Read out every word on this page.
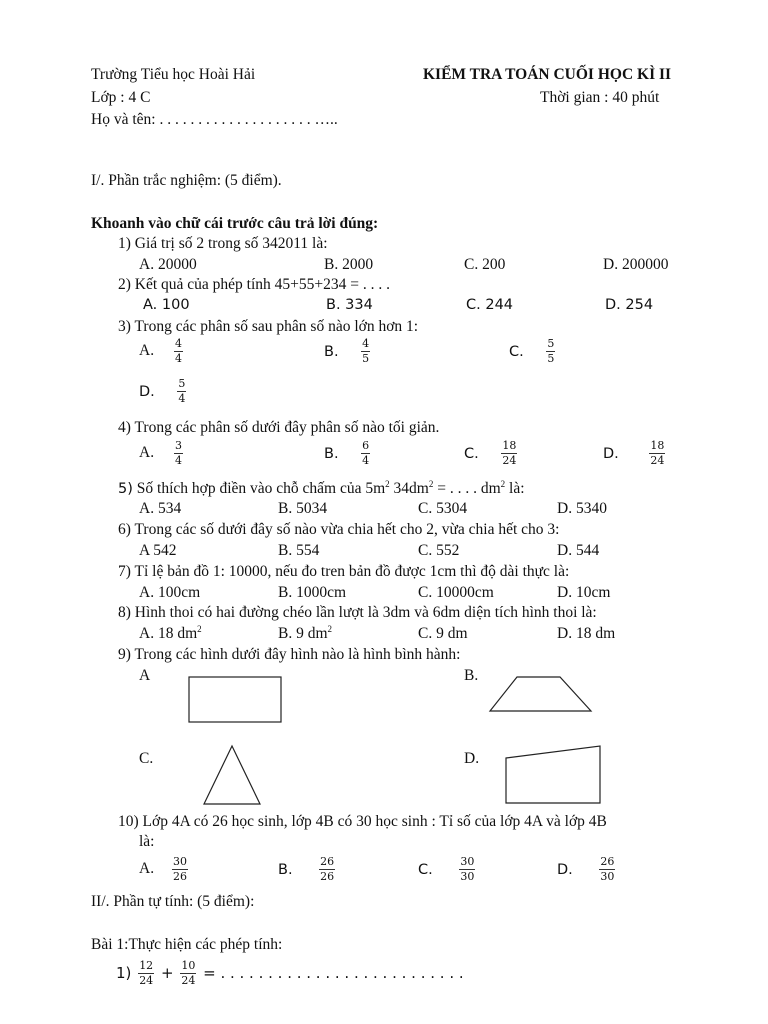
Trường Tiểu học Hoài Hải	KIỂM TRA TOÁN CUỐI HỌC KÌ II
Lớp : 4 C	Thời gian : 40 phút
Họ và tên: . . . . . . . . . . . . . . . . . . . . …..
I/. Phần trắc nghiệm: (5 điểm).
Khoanh vào chữ cái trước câu trả lời đúng:
1) Giá trị số 2 trong số 342011 là:
A. 20000	B. 2000	C. 200	D. 200000
2) Kết quả của phép tính 45+55+234 = . . . .
A. 100	B. 334	C. 244	D. 254
3) Trong các phân số sau phân số nào lớn hơn 1:
A. $\frac{4}{4}$	B. $\frac{4}{5}$	C. $\frac{5}{5}$
D. $\frac{5}{4}$
4) Trong các phân số dưới đây phân số nào tối giản.
A. $\frac{3}{4}$	B. $\frac{6}{4}$	C. $\frac{18}{24}$	D.	$\frac{18}{24}$
5) Số thích hợp điền vào chỗ chấm của $5m^2$ $34dm^2$ = . . . . $dm^2$ là:
A. 534	B. 5034	C. 5304	D. 5340
6) Trong các số dưới đây số nào vừa chia hết cho 2, vừa chia hết cho 3:
A 542	B. 554	C. 552	D. 544
7) Tỉ lệ bản đồ 1: 10000, nếu đo tren bản đồ được 1cm thì độ dài thực là:
A. 100cm	B. 1000cm	C. 10000cm	D. 10cm
8) Hình thoi có hai đường chéo lần lượt là 3dm và 6dm diện tích hình thoi là:
A. 18 $dm^2$	B. 9 $dm^2$	C. 9 dm	D. 18 dm
9) Trong các hình dưới đây hình nào là hình bình hành:
A	B.
C.	D.
10) Lớp 4A có 26 học sinh, lớp 4B có 30 học sinh : Tỉ số của lớp 4A và lớp 4B
là:
A. $\frac{30}{26}$	B. $\frac{26}{26}$	C. $\frac{30}{30}$	D. $\frac{26}{30}$
II/. Phần tự tính: (5 điểm):
Bài 1:Thực hiện các phép tính:
$1) \frac{12}{24} + \frac{10}{24}$ = . . . . . . . . . . . . . . . . . . . . . . . . . .
